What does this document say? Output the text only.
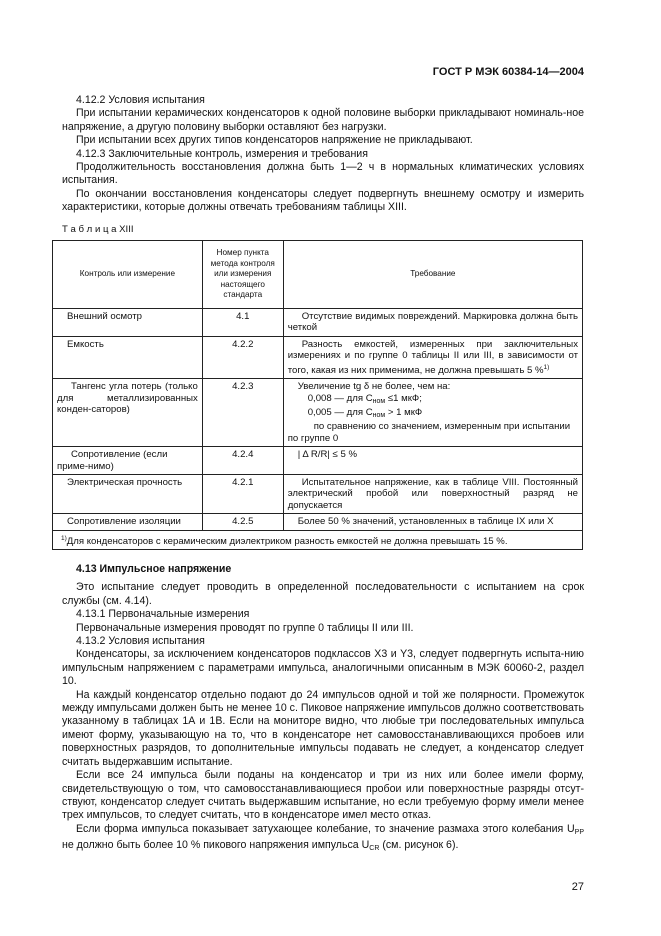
ГОСТ Р МЭК 60384-14—2004

4.12.2 Условия испытания

При испытании керамических конденсаторов к одной половине выборки прикладывают номиналь-ное напряжение, а другую половину выборки оставляют без нагрузки.

При испытании всех других типов конденсаторов напряжение не прикладывают.

4.12.3 Заключительные контроль, измерения и требования

Продолжительность восстановления должна быть 1—2 ч в нормальных климатических условиях испытания.

По окончании восстановления конденсаторы следует подвергнуть внешнему осмотру и измерить характеристики, которые должны отвечать требованиям таблицы XIII.

Т а б л и ц а XIII
Контроль или измерение	Номер пункта метода контроля или измерения настоящего стандарта	Требование
Внешний осмотр	4.1	Отсутствие видимых повреждений. Маркировка должна быть четкой
Емкость	4.2.2	Разность емкостей, измеренных при заключительных измерениях и по группе 0 таблицы II или III, в зависимости от того, какая из них применима, не должна превышать 5 %$^{1)}$
Тангенс угла потерь (только для металлизированных конден-саторов)	4.2.3	Увеличение tg δ не более, чем на:
0,008 — для $C_{ном} \le 1$ мкФ;
0,005 — для $C_{ном} > 1$ мкФ
по сравнению со значением, измеренным при испытании по группе 0

Сопротивление (если приме-нимо)	4.2.4	| Δ R/R| ≤ 5 %
Электрическая прочность	4.2.1	Испытательное напряжение, как в таблице VIII. Постоянный электрический пробой или поверхностный разряд не допускается
Сопротивление изоляции	4.2.5	Более 50 % значений, установленных в таблице IX или X
$^{1)}$Для конденсаторов с керамическим диэлектриком разность емкостей не должна превышать 15 %.		

4.13 Импульсное напряжение

Это испытание следует проводить в определенной последовательности с испытанием на срок службы (см. 4.14).

4.13.1 Первоначальные измерения

Первоначальные измерения проводят по группе 0 таблицы II или III.

4.13.2 Условия испытания

Конденсаторы, за исключением конденсаторов подклассов X3 и Y3, следует подвергнуть испыта-нию импульсным напряжением с параметрами импульса, аналогичными описанным в МЭК 60060-2, раздел 10.

На каждый конденсатор отдельно подают до 24 импульсов одной и той же полярности. Промежуток между импульсами должен быть не менее 10 с. Пиковое напряжение импульсов должно соответствовать указанному в таблицах 1А и 1В. Если на мониторе видно, что любые три последовательных импульса имеют форму, указывающую на то, что в конденсаторе нет самовосстанавливающихся пробоев или поверхностных разрядов, то дополнительные импульсы подавать не следует, а конденсатор следует считать выдержавшим испытание.

Если все 24 импульса были поданы на конденсатор и три из них или более имели форму, свидетельствующую о том, что самовосстанавливающиеся пробои или поверхностные разряды отсут-ствуют, конденсатор следует считать выдержавшим испытание, но если требуемую форму имели менее трех импульсов, то следует считать, что в конденсаторе имел место отказ.

Если форма импульса показывает затухающее колебание, то значение размаха этого колебания $U_{PP}$ не должно быть более 10 % пикового напряжения импульса $U_{CR}$ (см. рисунок 6).

27
